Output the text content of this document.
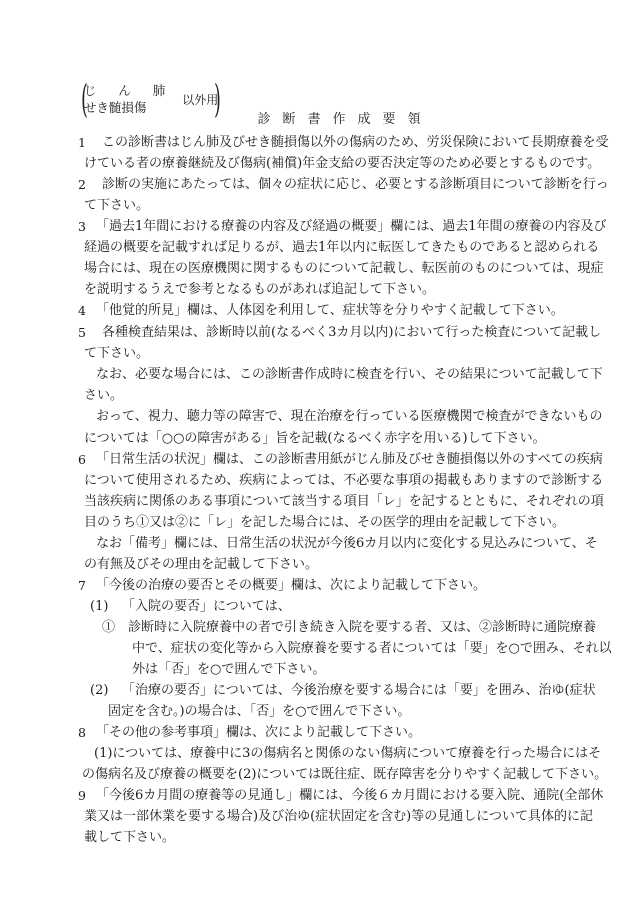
(
じ ん 肺
せき髄損傷
以外用
)	診断書作成要領
1 この診断書はじん肺及びせき髄損傷以外の傷病のため、労災保険において長期療養を受
けている者の療養継続及び傷病(補償)年金支給の要否決定等のため必要とするものです。
2 診断の実施にあたっては、個々の症状に応じ、必要とする診断項目について診断を行っ
て下さい。
3 「過去1年間における療養の内容及び経過の概要」欄には、過去1年間の療養の内容及び
経過の概要を記載すれば足りるが、過去1年以内に転医してきたものであると認められる
場合には、現在の医療機関に関するものについて記載し、転医前のものについては、現症
を説明するうえで参考となるものがあれば追記して下さい。
4 「他覚的所見」欄は、人体図を利用して、症状等を分りやすく記載して下さい。
5 各種検査結果は、診断時以前(なるべく3カ月以内)において行った検査について記載し
て下さい。
なお、必要な場合には、この診断書作成時に検査を行い、その結果について記載して下
さい。
おって、視力、聴力等の障害で、現在治療を行っている医療機関で検査ができないもの
については「○○の障害がある」旨を記載(なるべく赤字を用いる)して下さい。
6 「日常生活の状況」欄は、この診断書用紙がじん肺及びせき髄損傷以外のすべての疾病
について使用されるため、疾病によっては、不必要な事項の掲載もありますので診断する
当該疾病に関係のある事項について該当する項目「レ」を記するとともに、それぞれの項
目のうち①又は②に「レ」を記した場合には、その医学的理由を記載して下さい。
なお「備考」欄には、日常生活の状況が今後6カ月以内に変化する見込みについて、そ
の有無及びその理由を記載して下さい。
7 「今後の治療の要否とその概要」欄は、次により記載して下さい。
(1) 「入院の要否」については、
①　診断時に入院療養中の者で引き続き入院を要する者、又は、②診断時に通院療養
中で、症状の変化等から入院療養を要する者については「要」を○で囲み、それ以
外は「否」を○で囲んで下さい。
(2) 「治療の要否」については、今後治療を要する場合には「要」を囲み、治ゆ(症状
固定を含む。)の場合は、「否」を○で囲んで下さい。
8 「その他の参考事項」欄は、次により記載して下さい。
(1)については、療養中に3の傷病名と関係のない傷病について療養を行った場合にはそ
の傷病名及び療養の概要を(2)については既往症、既存障害を分りやすく記載して下さい。
9 「今後6カ月間の療養等の見通し」欄には、今後６カ月間における要入院、通院(全部休
業又は一部休業を要する場合)及び治ゆ(症状固定を含む)等の見通しについて具体的に記
載して下さい。
